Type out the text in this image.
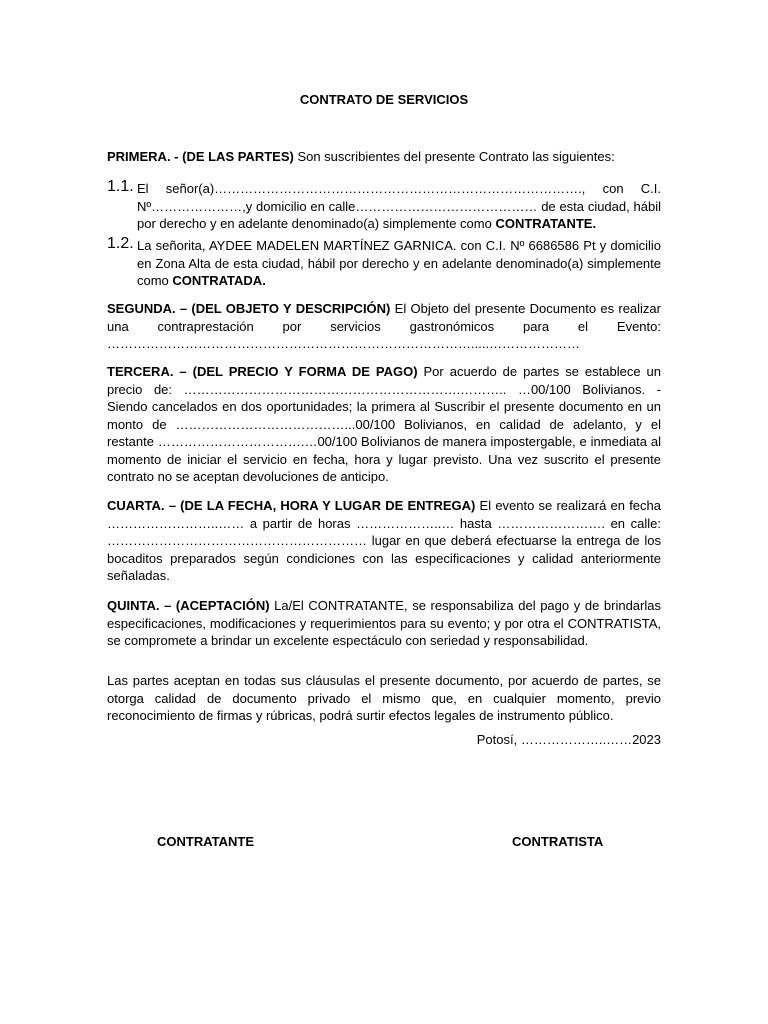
CONTRATO DE SERVICIOS
PRIMERA. - (DE LAS PARTES) Son suscribientes del presente Contrato las siguientes:
1.1. El señor(a)…………………………………………………………………………., con C.I. Nº…………………,y domicilio en calle…………………………………… de esta ciudad, hábil por derecho y en adelante denominado(a) simplemente como CONTRATANTE.
1.2. La señorita, AYDEE MADELEN MARTÍNEZ GARNICA. con C.I. Nº 6686586 Pt y domicilio en Zona Alta de esta ciudad, hábil por derecho y en adelante denominado(a) simplemente como CONTRATADA.
SEGUNDA. – (DEL OBJETO Y DESCRIPCIÓN) El Objeto del presente Documento es realizar una contraprestación por servicios gastronómicos para el Evento: ………………………………………………………………………….....…………………
TERCERA. – (DEL PRECIO Y FORMA DE PAGO) Por acuerdo de partes se establece un precio de: ……………………………………………………….……….. …00/100 Bolivianos. - Siendo cancelados en dos oportunidades; la primera al Suscribir el presente documento en un monto de …………………………………...00/100 Bolivianos, en calidad de adelanto, y el restante …………………………….…00/100 Bolivianos de manera impostergable, e inmediata al momento de iniciar el servicio en fecha, hora y lugar previsto. Una vez suscrito el presente contrato no se aceptan devoluciones de anticipo.
CUARTA. – (DE LA FECHA, HORA Y LUGAR DE ENTREGA) El evento se realizará en fecha ……………………..…… a partir de horas ………………..… hasta ……………………. en calle: …………………………………………………… lugar en que deberá efectuarse la entrega de los bocaditos preparados según condiciones con las especificaciones y calidad anteriormente señaladas.
QUINTA. – (ACEPTACIÓN) La/El CONTRATANTE, se responsabiliza del pago y de brindarlas especificaciones, modificaciones y requerimientos para su evento; y por otra el CONTRATISTA, se compromete a brindar un excelente espectáculo con seriedad y responsabilidad.
Las partes aceptan en todas sus cláusulas el presente documento, por acuerdo de partes, se otorga calidad de documento privado el mismo que, en cualquier momento, previo reconocimiento de firmas y rúbricas, podrá surtir efectos legales de instrumento público.
Potosí, ………………..……2023
CONTRATANTE	CONTRATISTA
